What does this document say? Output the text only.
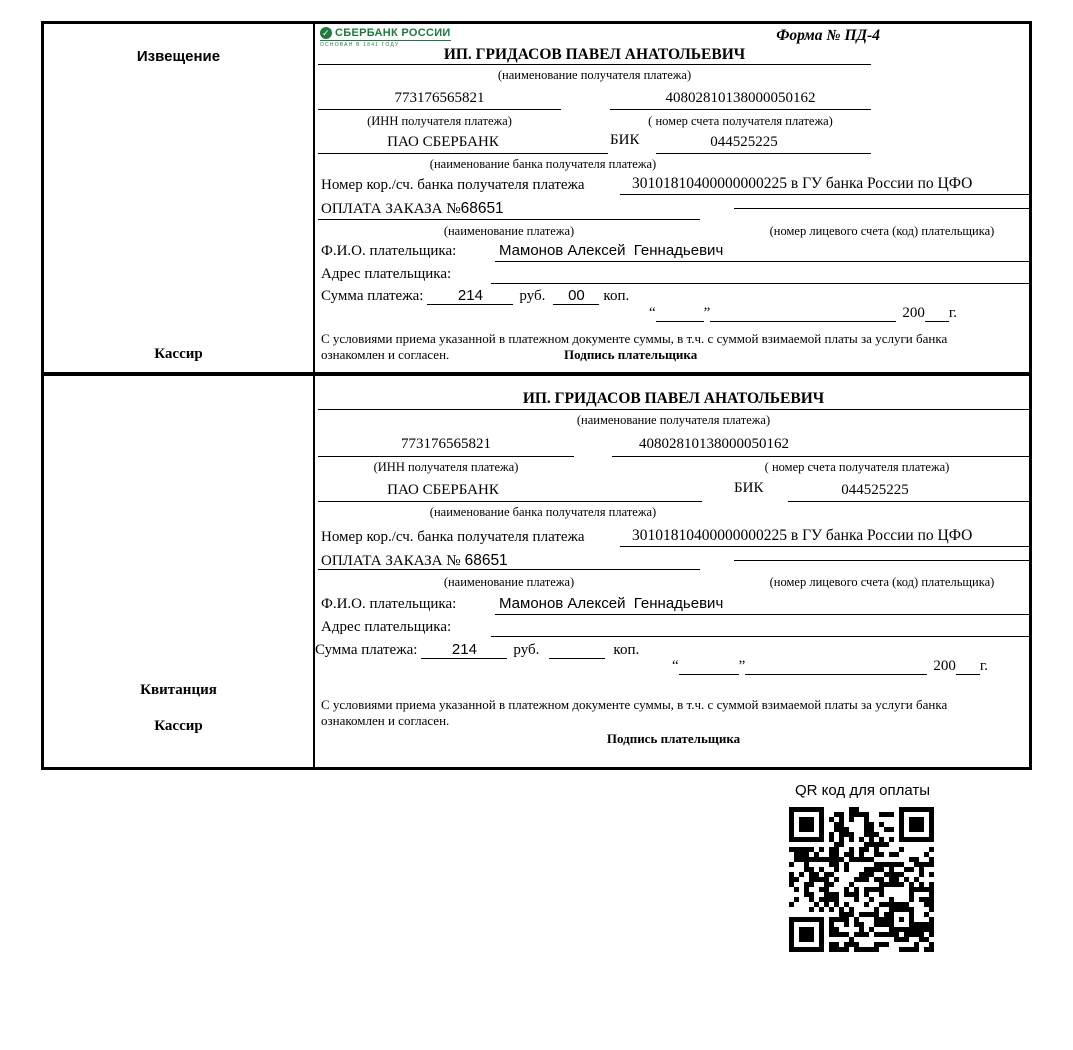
Извещение
Кассир
✓
СБЕРБАНК РОССИИ
ОСНОВАН В 1841 ГОДУ
Форма № ПД-4
ИП. ГРИДАСОВ ПАВЕЛ АНАТОЛЬЕВИЧ
(наименование получателя платежа)
773176565821	40802810138000050162
(ИНН получателя платежа)	( номер счета получателя платежа)
ПАО СБЕРБАНК	БИК	044525225
(наименование банка получателя платежа)
Номер кор./сч. банка получателя платежа	30101810400000000225 в ГУ банка России по ЦФО
ОПЛАТА ЗАКАЗА №68651
(наименование платежа)	(номер лицевого счета (код) плательщика)
Ф.И.О. плательщика:	Мамонов Алексей  Геннадьевич
Адрес плательщика:
Сумма платежа:	214	руб.	00	коп.
“	”	200 г.
С условиями приема указанной в платежном документе суммы, в т.ч. с суммой взимаемой платы за услуги банка
ознакомлен и согласен.	Подпись плательщика
Квитанция
Кассир
ИП. ГРИДАСОВ ПАВЕЛ АНАТОЛЬЕВИЧ
(наименование получателя платежа)
773176565821	40802810138000050162
(ИНН получателя платежа)	( номер счета получателя платежа)
ПАО СБЕРБАНК	БИК	044525225
(наименование банка получателя платежа)
Номер кор./сч. банка получателя платежа	30101810400000000225 в ГУ банка России по ЦФО
ОПЛАТА ЗАКАЗА № 68651
(наименование платежа)	(номер лицевого счета (код) плательщика)
Ф.И.О. плательщика:	Мамонов Алексей  Геннадьевич
Адрес плательщика:
Сумма платежа:	214	руб.	коп.
“	”	200 г.
С условиями приема указанной в платежном документе суммы, в т.ч. с суммой взимаемой платы за услуги банка
ознакомлен и согласен.
Подпись плательщика
QR код для оплаты
